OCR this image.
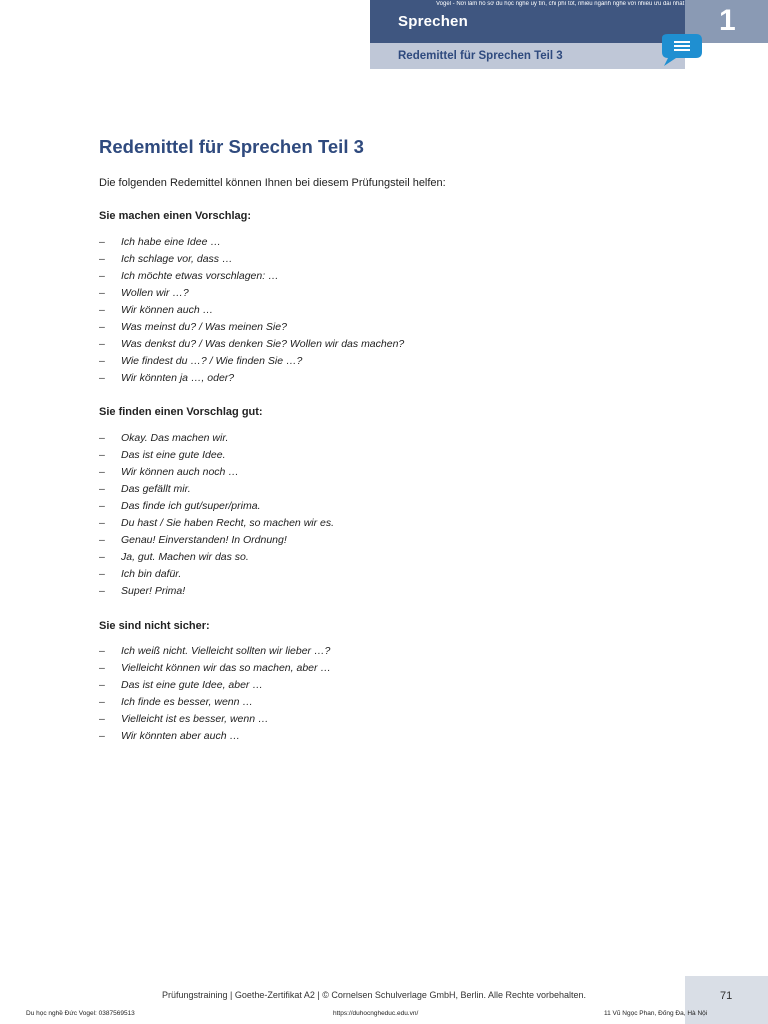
Vogel - Nơi làm hồ sơ du học nghề uy tín, chi phí tốt, nhiều ngành nghề với nhiều ưu đãi nhất
Sprechen	1
Redemittel für Sprechen Teil 3
Redemittel für Sprechen Teil 3
Die folgenden Redemittel können Ihnen bei diesem Prüfungsteil helfen:
Sie machen einen Vorschlag:
– Ich habe eine Idee …
– Ich schlage vor, dass …
– Ich möchte etwas vorschlagen: …
– Wollen wir …?
– Wir können auch …
– Was meinst du? / Was meinen Sie?
– Was denkst du? / Was denken Sie? Wollen wir das machen?
– Wie findest du …? / Wie finden Sie …?
– Wir könnten ja …, oder?
Sie finden einen Vorschlag gut:
– Okay. Das machen wir.
– Das ist eine gute Idee.
– Wir können auch noch …
– Das gefällt mir.
– Das finde ich gut/super/prima.
– Du hast / Sie haben Recht, so machen wir es.
– Genau! Einverstanden! In Ordnung!
– Ja, gut. Machen wir das so.
– Ich bin dafür.
– Super! Prima!
Sie sind nicht sicher:
– Ich weiß nicht. Vielleicht sollten wir lieber …?
– Vielleicht können wir das so machen, aber …
– Das ist eine gute Idee, aber …
– Ich finde es besser, wenn …
– Vielleicht ist es besser, wenn …
– Wir könnten aber auch …
Prüfungstraining | Goethe-Zertifikat A2 | © Cornelsen Schulverlage GmbH, Berlin. Alle Rechte vorbehalten.	71
Du học nghề Đức Vogel: 0387569513	https://duhocngheduc.edu.vn/	11 Vũ Ngọc Phan, Đống Đa, Hà Nội
